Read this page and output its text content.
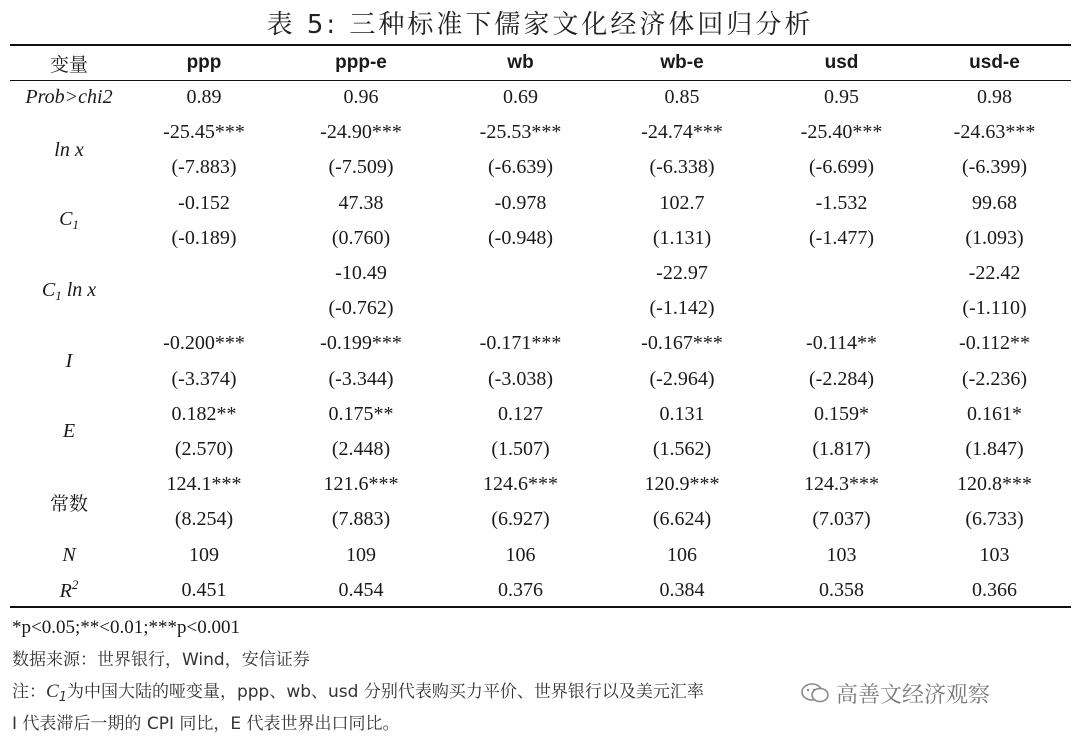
表 5: 三种标准下儒家文化经济体回归分析
变量	ppp	ppp-e	wb	wb-e	usd	usd-e
Prob>chi2	0.89	0.96	0.69	0.85	0.95	0.98
ln x	-25.45***	-24.90***	-25.53***	-24.74***	-25.40***	-24.63***
	(-7.883)	(-7.509)	(-6.639)	(-6.338)	(-6.699)	(-6.399)
$C_1$	-0.152	47.38	-0.978	102.7	-1.532	99.68
	(-0.189)	(0.760)	(-0.948)	(1.131)	(-1.477)	(1.093)
$C_1$ ln x		-10.49		-22.97		-22.42
		(-0.762)		(-1.142)		(-1.110)
I	-0.200***	-0.199***	-0.171***	-0.167***	-0.114**	-0.112**
	(-3.374)	(-3.344)	(-3.038)	(-2.964)	(-2.284)	(-2.236)
E	0.182**	0.175**	0.127	0.131	0.159*	0.161*
	(2.570)	(2.448)	(1.507)	(1.562)	(1.817)	(1.847)
常数	124.1***	121.6***	124.6***	120.9***	124.3***	120.8***
	(8.254)	(7.883)	(6.927)	(6.624)	(7.037)	(6.733)
N	109	109	106	106	103	103
$R^2$	0.451	0.454	0.376	0.384	0.358	0.366
*p<0.05;**<0.01;***p<0.001
数据来源：世界银行，Wind，安信证券
注：$C_1$为中国大陆的哑变量，ppp、wb、usd 分别代表购买力平价、世界银行以及美元汇率
I 代表滞后一期的 CPI 同比，E 代表世界出口同比。
高善文经济观察
